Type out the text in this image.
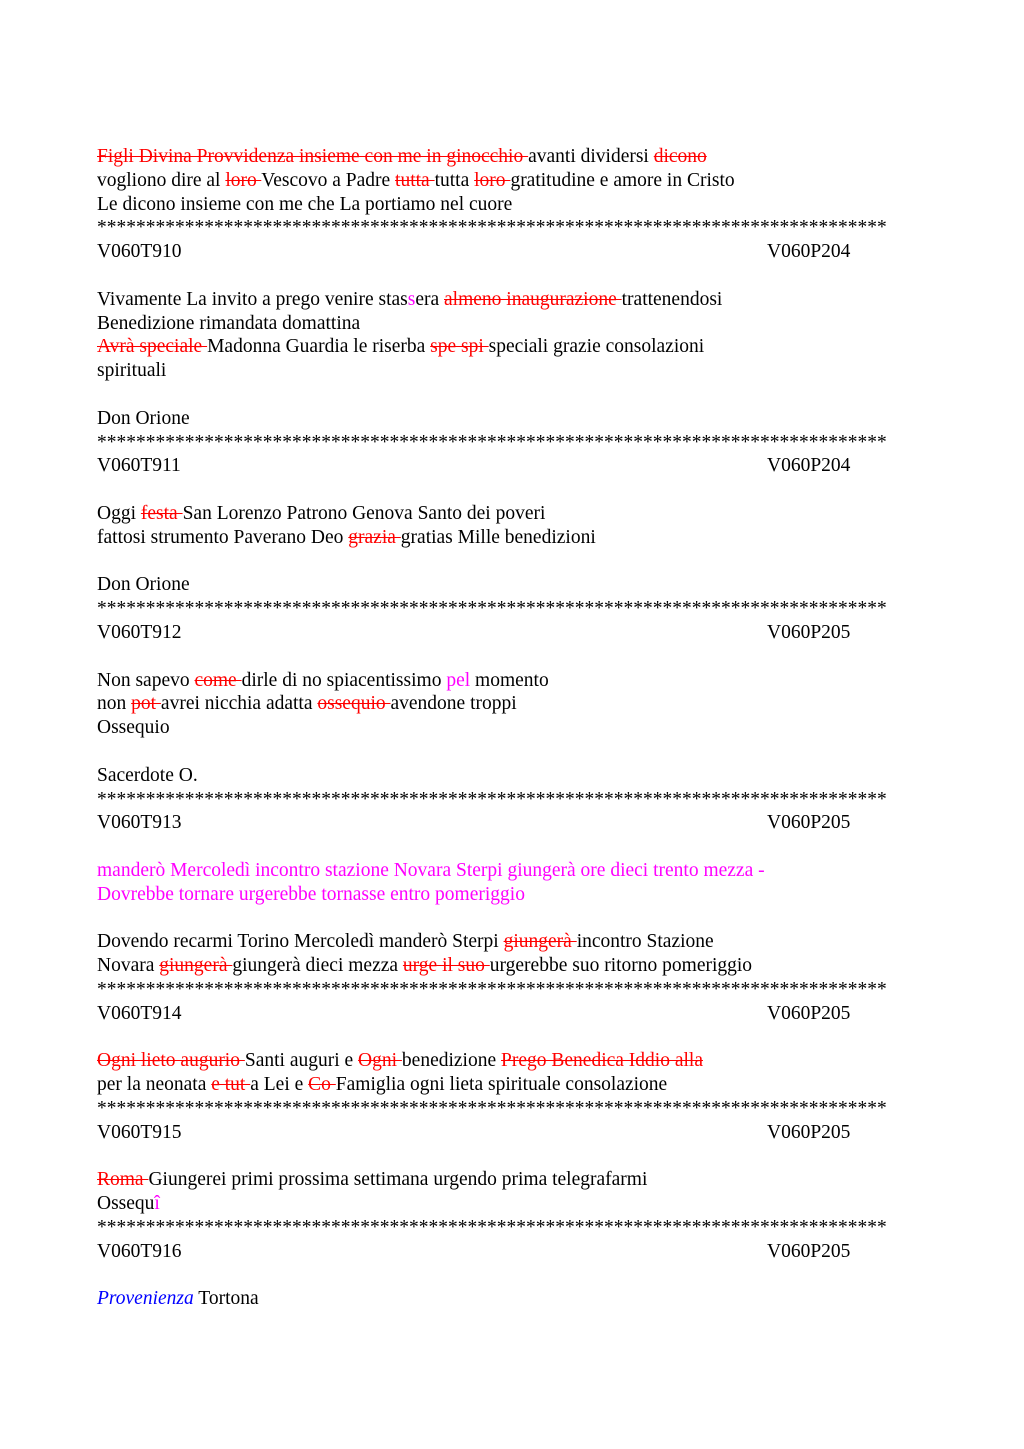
Figli Divina Provvidenza insieme con me in ginocchio avanti dividersi dicono
vogliono dire al loro Vescovo a Padre tutta tutta loro gratitudine e amore in Cristo
Le dicono insieme con me che La portiamo nel cuore
*********************************************************************************
V060T910	V060P204
Vivamente La invito a prego venire stassera almeno inaugurazione trattenendosi
Benedizione rimandata domattina
Avrà speciale Madonna Guardia le riserba spe spi speciali grazie consolazioni
spirituali
Don Orione
*********************************************************************************
V060T911	V060P204
Oggi festa San Lorenzo Patrono Genova Santo dei poveri
fattosi strumento Paverano Deo grazia gratias Mille benedizioni
Don Orione
*********************************************************************************
V060T912	V060P205
Non sapevo come dirle di no spiacentissimo pel momento
non pot avrei nicchia adatta ossequio avendone troppi
Ossequio
Sacerdote O.
*********************************************************************************
V060T913	V060P205
manderò Mercoledì incontro stazione Novara Sterpi giungerà ore dieci trento mezza -
Dovrebbe tornare urgerebbe tornasse entro pomeriggio
Dovendo recarmi Torino Mercoledì manderò Sterpi giungerà incontro Stazione
Novara giungerà giungerà dieci mezza urge il suo urgerebbe suo ritorno pomeriggio
*********************************************************************************
V060T914	V060P205
Ogni lieto augurio Santi auguri e Ogni benedizione Prego Benedica Iddio alla
per la neonata e tut a Lei e Co Famiglia ogni lieta spirituale consolazione
*********************************************************************************
V060T915	V060P205
Roma Giungerei primi prossima settimana urgendo prima telegrafarmi
Ossequî
*********************************************************************************
V060T916	V060P205
Provenienza Tortona
